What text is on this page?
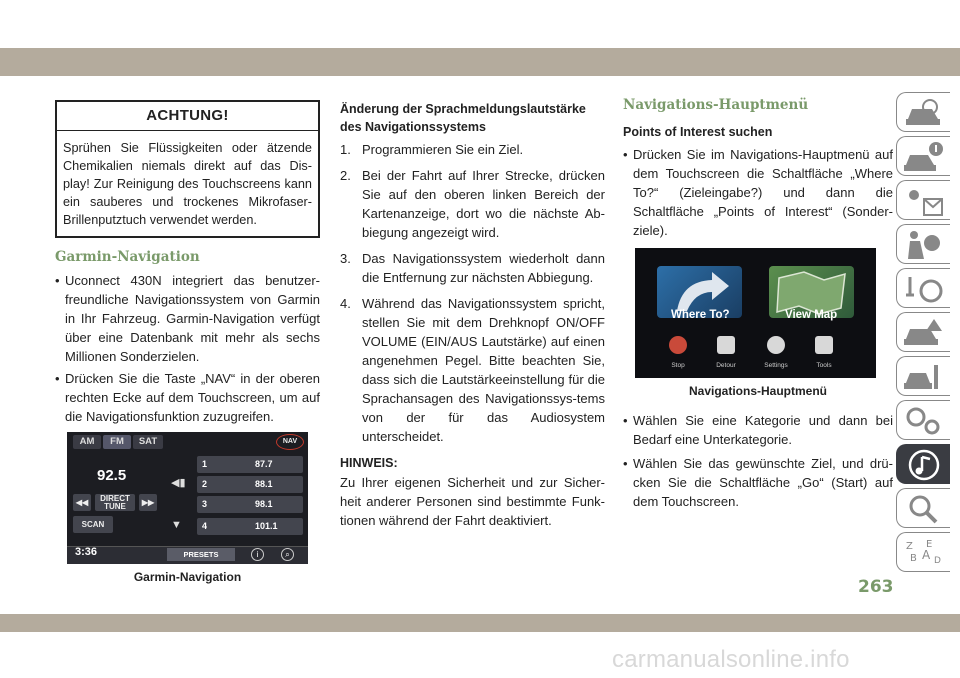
ACHTUNG!
Sprühen Sie Flüssigkeiten oder ätzende Chemikalien niemals direkt auf das Dis-play! Zur Reinigung des Touchscreens kann ein sauberes und trockenes Mikrofaser-Brillenputztuch verwendet werden.
Garmin-Navigation
• Uconnect 430N integriert das benutzer-freundliche Navigationssystem von Garmin in Ihr Fahrzeug. Garmin-Navigation verfügt über eine Datenbank mit mehr als sechs Millionen Sonderzielen.
• Drücken Sie die Taste „NAV“ in der oberen rechten Ecke auf dem Touchscreen, um auf die Navigationsfunktion zuzugreifen.
AM	FM	SAT	NAV
92.5
1	87.7
2	88.1
3	98.1
4	101.1
◀◀	DIRECT TUNE	▶▶
SCAN
◀▮
▼
3:36	PRESETS	i	⌕
Garmin-Navigation
Änderung der Sprachmeldungslautstärke des Navigationssystems
1. Programmieren Sie ein Ziel.
2. Bei der Fahrt auf Ihrer Strecke, drücken Sie auf den oberen linken Bereich der Kartenanzeige, dort wo die nächste Ab-biegung angezeigt wird.
3. Das Navigationssystem wiederholt dann die Entfernung zur nächsten Abbiegung.
4. Während das Navigationssystem spricht, stellen Sie mit dem Drehknopf ON/OFF VOLUME (EIN/AUS Lautstärke) auf einen angenehmen Pegel. Bitte beachten Sie, dass sich die Lautstärkeeinstellung für die Sprachansagen des Navigationssys-tems von der für das Audiosystem unterscheidet.
HINWEIS:
Zu Ihrer eigenen Sicherheit und zur Sicher-heit anderer Personen sind bestimmte Funk-tionen während der Fahrt deaktiviert.
Navigations-Hauptmenü
Points of Interest suchen
• Drücken Sie im Navigations-Hauptmenü auf dem Touchscreen die Schaltfläche „Where To?“ (Zieleingabe?) und dann die Schaltfläche „Points of Interest“ (Sonder-ziele).
Where To?	View Map
Stop	Detour	Settings	Tools
Navigations-Hauptmenü
• Wählen Sie eine Kategorie und dann bei Bedarf eine Unterkategorie.
• Wählen Sie das gewünschte Ziel, und drü-cken Sie die Schaltfläche „Go“ (Start) auf dem Touchscreen.
Z E
B A D
263
carmanualsonline.info
